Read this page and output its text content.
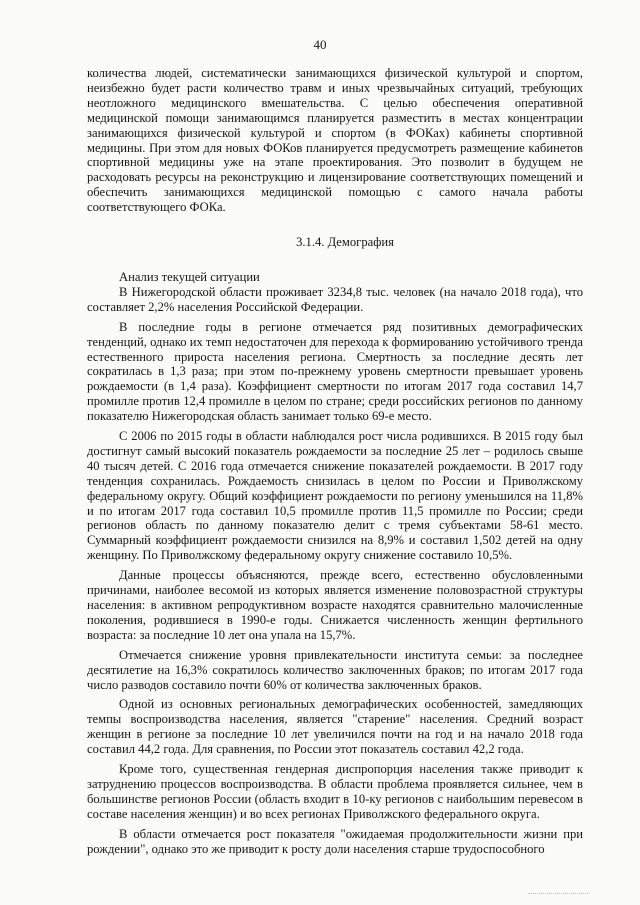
40

количества людей, систематически занимающихся физической культурой и спортом, неизбежно будет расти количество травм и иных чрезвычайных ситуаций, требующих неотложного медицинского вмешательства. С целью обеспечения оперативной медицинской помощи занимающимся планируется разместить в местах концентрации занимающихся физической культурой и спортом (в ФОКах) кабинеты спортивной медицины. При этом для новых ФОКов планируется предусмотреть размещение кабинетов спортивной медицины уже на этапе проектирования. Это позволит в будущем не расходовать ресурсы на реконструкцию и лицензирование соответствующих помещений и обеспечить занимающихся медицинской помощью с самого начала работы соответствующего ФОКа.

3.1.4. Демография

Анализ текущей ситуации

В Нижегородской области проживает 3234,8 тыс. человек (на начало 2018 года), что составляет 2,2% населения Российской Федерации.

В последние годы в регионе отмечается ряд позитивных демографических тенденций, однако их темп недостаточен для перехода к формированию устойчивого тренда естественного прироста населения региона. Смертность за последние десять лет сократилась в 1,3 раза; при этом по-прежнему уровень смертности превышает уровень рождаемости (в 1,4 раза). Коэффициент смертности по итогам 2017 года составил 14,7 промилле против 12,4 промилле в целом по стране; среди российских регионов по данному показателю Нижегородская область занимает только 69-е место.

С 2006 по 2015 годы в области наблюдался рост числа родившихся. В 2015 году был достигнут самый высокий показатель рождаемости за последние 25 лет – родилось свыше 40 тысяч детей. С 2016 года отмечается снижение показателей рождаемости. В 2017 году тенденция сохранилась. Рождаемость снизилась в целом по России и Приволжскому федеральному округу. Общий коэффициент рождаемости по региону уменьшился на 11,8% и по итогам 2017 года составил 10,5 промилле против 11,5 промилле по России; среди регионов область по данному показателю делит с тремя субъектами 58-61 место. Суммарный коэффициент рождаемости снизился на 8,9% и составил 1,502 детей на одну женщину. По Приволжскому федеральному округу снижение составило 10,5%.

Данные процессы объясняются, прежде всего, естественно обусловленными причинами, наиболее весомой из которых является изменение половозрастной структуры населения: в активном репродуктивном возрасте находятся сравнительно малочисленные поколения, родившиеся в 1990-е годы. Снижается численность женщин фертильного возраста: за последние 10 лет она упала на 15,7%.

Отмечается снижение уровня привлекательности института семьи: за последнее десятилетие на 16,3% сократилось количество заключенных браков; по итогам 2017 года число разводов составило почти 60% от количества заключенных браков.

Одной из основных региональных демографических особенностей, замедляющих темпы воспроизводства населения, является "старение" населения. Средний возраст женщин в регионе за последние 10 лет увеличился почти на год и на начало 2018 года составил 44,2 года. Для сравнения, по России этот показатель составил 42,2 года.

Кроме того, существенная гендерная диспропорция населения также приводит к затруднению процессов воспроизводства. В области проблема проявляется сильнее, чем в большинстве регионов России (область входит в 10-ку регионов с наибольшим перевесом в составе населения женщин) и во всех регионах Приволжского федерального округа.

В области отмечается рост показателя "ожидаемая продолжительности жизни при рождении", однако это же приводит к росту доли населения старше трудоспособного
